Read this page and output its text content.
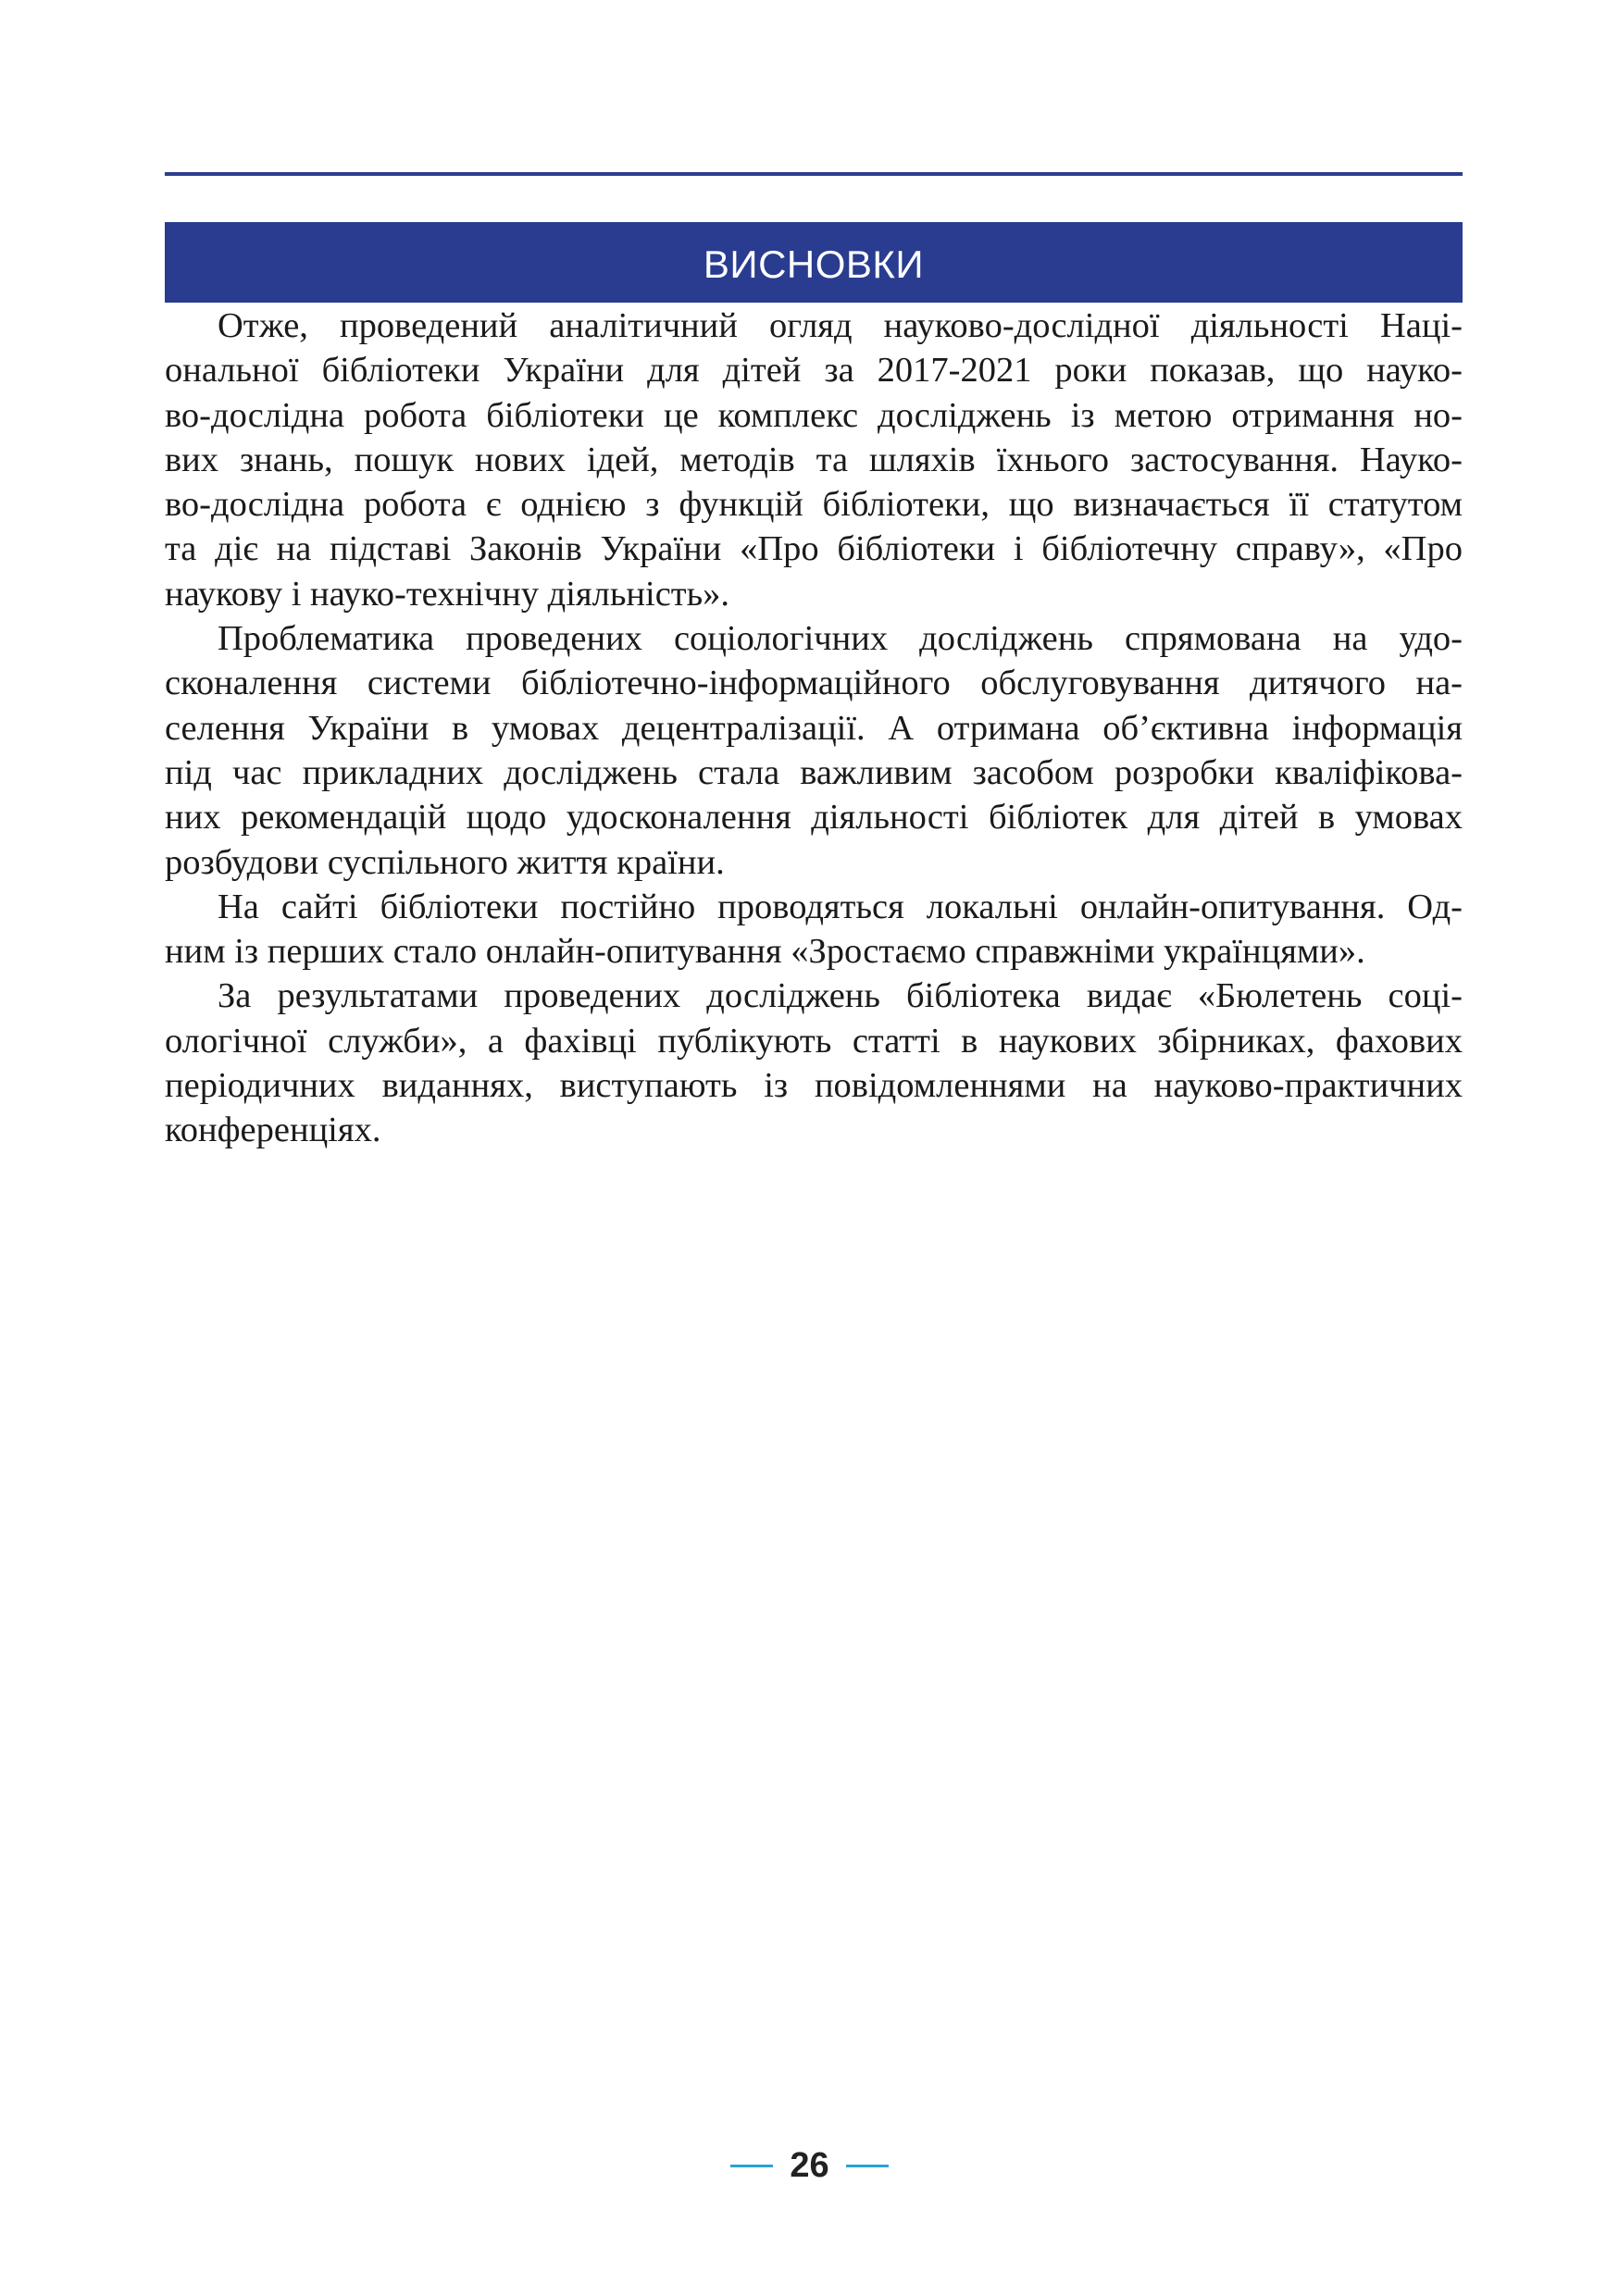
ВИСНОВКИ
Отже, проведений аналітичний огляд науково-дослідної діяльності Наці-
ональної бібліотеки України для дітей за 2017-2021 роки показав, що науко-
во-дослідна робота бібліотеки це комплекс досліджень із метою отримання но-
вих знань, пошук нових ідей, методів та шляхів їхнього застосування. Науко-
во-дослідна робота є однією з функцій бібліотеки, що визначається її статутом
та діє на підставі Законів України «Про бібліотеки і бібліотечну справу», «Про
наукову і науко-технічну діяльність».
Проблематика проведених соціологічних досліджень спрямована на удо-
сконалення системи бібліотечно-інформаційного обслуговування дитячого на-
селення України в умовах децентралізації. А отримана об’єктивна інформація
під час прикладних досліджень стала важливим засобом розробки кваліфікова-
них рекомендацій щодо удосконалення діяльності бібліотек для дітей в умовах
розбудови суспільного життя країни.
На сайті бібліотеки постійно проводяться локальні онлайн-опитування. Од-
ним із перших стало онлайн-опитування «Зростаємо справжніми українцями».
За результатами проведених досліджень бібліотека видає «Бюлетень соці-
ологічної служби», а фахівці публікують статті в наукових збірниках, фахових
періодичних виданнях, виступають із повідомленнями на науково-практичних
конференціях.
26
